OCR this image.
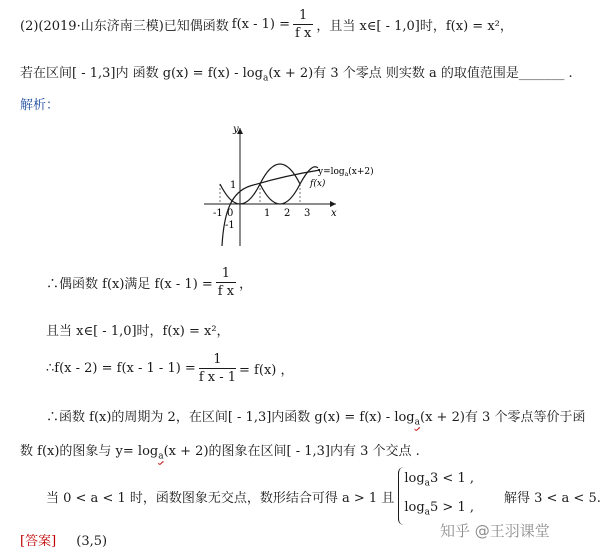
(2)(2019·山东济南三模)已知偶函数 $f(x - 1) = \frac{1}{\text{f x}}$ ，且当 x∈[ - 1,0]时，f(x) = x²，
若在区间[ - 1,3]内 函数 $g(x) = f(x) - \log_a(x + 2)$有 3 个零点 则实数 a 的取值范围是_______ .
解析：
y
x
-1 0	1 2 3
1
-1
$y=\log_a(x+2)$
f(x)
∴偶函数 f(x)满足 $f(x - 1) = \frac{1}{\text{f x}}$ ，
且当 x∈[ - 1,0]时，f(x) = x²，
∴f(x - $2) = f(x - 1 - 1) = \frac{1}{\text{f x - 1}} = f(x)$ ，
∴函数 f(x)的周期为 2，在区间[ - 1,3]内函数 $g(x) = f(x) - \log_a(x + 2)$有 3 个零点等价于函
数 f(x)的图象与 $y= \log_a(x + 2)$的图象在区间[ - 1,3]内有 3 个交点 .
当 0 < a < 1 时，函数图象无交点，数形结合可得 a > 1 且
$\log_a3 < 1$ ,
$\log_a5 > 1$ ,
解得 3 < a < 5.
[答案] (3,5)
知乎 @王羽课堂
